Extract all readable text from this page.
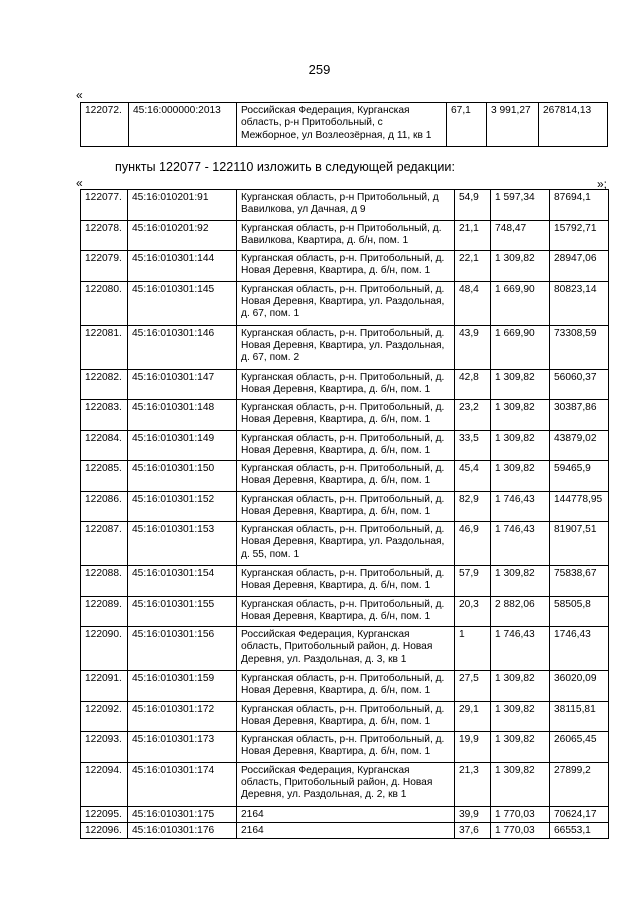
259
«
122072.	45:16:000000:2013	Российская Федерация, Курганская область, р-н Притобольный, с Межборное, ул Возлеозёрная, д 11, кв 1	67,1	3 991,27	267814,13
пункты 122077 - 122110 изложить в следующей редакции:
»;
«
122077.	45:16:010201:91	Курганская область, р-н Притобольный, д Вавилкова, ул Дачная, д 9	54,9	1 597,34	87694,1
122078.	45:16:010201:92	Курганская область, р-н Притобольный, д. Вавилкова, Квартира, д. б/н, пом. 1	21,1	748,47	15792,71
122079.	45:16:010301:144	Курганская область, р-н. Притобольный, д. Новая Деревня, Квартира, д. б/н, пом. 1	22,1	1 309,82	28947,06
122080.	45:16:010301:145	Курганская область, р-н. Притобольный, д. Новая Деревня, Квартира, ул. Раздольная, д. 67, пом. 1	48,4	1 669,90	80823,14
122081.	45:16:010301:146	Курганская область, р-н. Притобольный, д. Новая Деревня, Квартира, ул. Раздольная, д. 67, пом. 2	43,9	1 669,90	73308,59
122082.	45:16:010301:147	Курганская область, р-н. Притобольный, д. Новая Деревня, Квартира, д. б/н, пом. 1	42,8	1 309,82	56060,37
122083.	45:16:010301:148	Курганская область, р-н. Притобольный, д. Новая Деревня, Квартира, д. б/н, пом. 1	23,2	1 309,82	30387,86
122084.	45:16:010301:149	Курганская область, р-н. Притобольный, д. Новая Деревня, Квартира, д. б/н, пом. 1	33,5	1 309,82	43879,02
122085.	45:16:010301:150	Курганская область, р-н. Притобольный, д. Новая Деревня, Квартира, д. б/н, пом. 1	45,4	1 309,82	59465,9
122086.	45:16:010301:152	Курганская область, р-н. Притобольный, д. Новая Деревня, Квартира, д. б/н, пом. 1	82,9	1 746,43	144778,95
122087.	45:16:010301:153	Курганская область, р-н. Притобольный, д. Новая Деревня, Квартира, ул. Раздольная, д. 55, пом. 1	46,9	1 746,43	81907,51
122088.	45:16:010301:154	Курганская область, р-н. Притобольный, д. Новая Деревня, Квартира, д. б/н, пом. 1	57,9	1 309,82	75838,67
122089.	45:16:010301:155	Курганская область, р-н. Притобольный, д. Новая Деревня, Квартира, д. б/н, пом. 1	20,3	2 882,06	58505,8
122090.	45:16:010301:156	Российская Федерация, Курганская область, Притобольный район, д. Новая Деревня, ул. Раздольная, д. 3, кв 1	1	1 746,43	1746,43
122091.	45:16:010301:159	Курганская область, р-н. Притобольный, д. Новая Деревня, Квартира, д. б/н, пом. 1	27,5	1 309,82	36020,09
122092.	45:16:010301:172	Курганская область, р-н. Притобольный, д. Новая Деревня, Квартира, д. б/н, пом. 1	29,1	1 309,82	38115,81
122093.	45:16:010301:173	Курганская область, р-н. Притобольный, д. Новая Деревня, Квартира, д. б/н, пом. 1	19,9	1 309,82	26065,45
122094.	45:16:010301:174	Российская Федерация, Курганская область, Притобольный район, д. Новая Деревня, ул. Раздольная, д. 2, кв 1	21,3	1 309,82	27899,2
122095.	45:16:010301:175	2164	39,9	1 770,03	70624,17
122096.	45:16:010301:176	2164	37,6	1 770,03	66553,1
